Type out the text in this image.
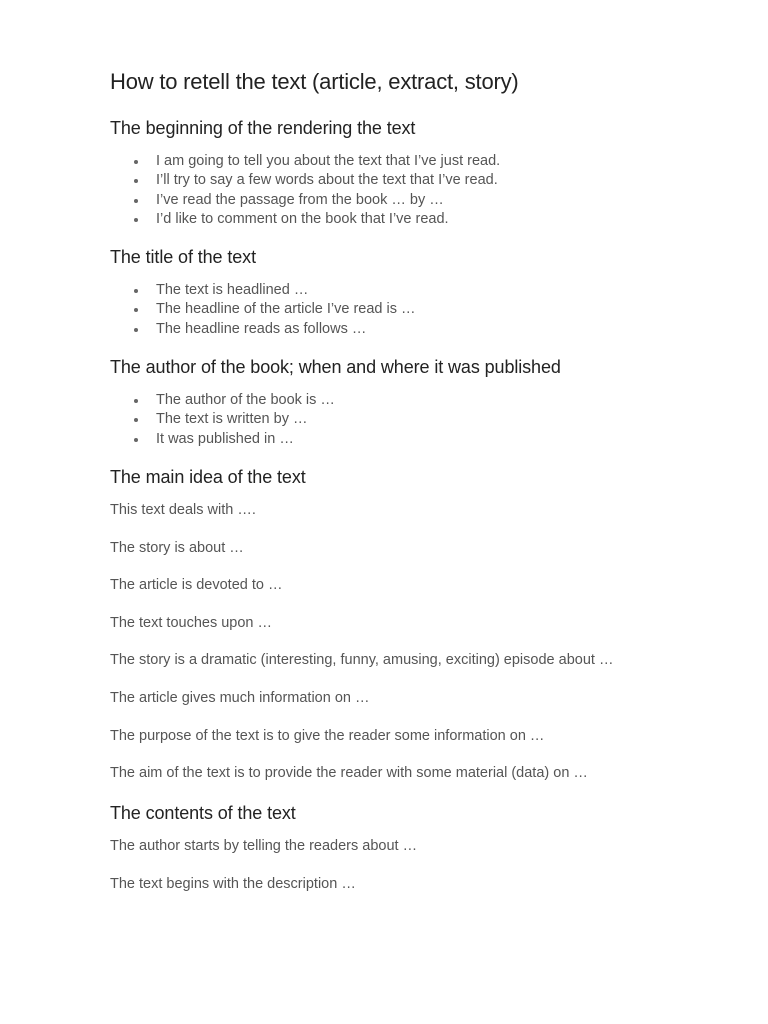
How to retell the text (article, extract, story)
The beginning of the rendering the text
I am going to tell you about the text that I’ve just read.
I’ll try to say a few words about the text that I’ve read.
I’ve read the passage from the book … by …
I’d like to comment on the book that I’ve read.
The title of the text
The text is headlined …
The headline of the article I’ve read is …
The headline reads as follows …
The author of the book; when and where it was published
The author of the book is …
The text is written by …
It was published in …
The main idea of the text

This text deals with ….

The story is about …

The article is devoted to …

The text touches upon …

The story is a dramatic (interesting, funny, amusing, exciting) episode about …

The article gives much information on …

The purpose of the text is to give the reader some information on …

The aim of the text is to provide the reader with some material (data) on …

The contents of the text

The author starts by telling the readers about …

The text begins with the description …
